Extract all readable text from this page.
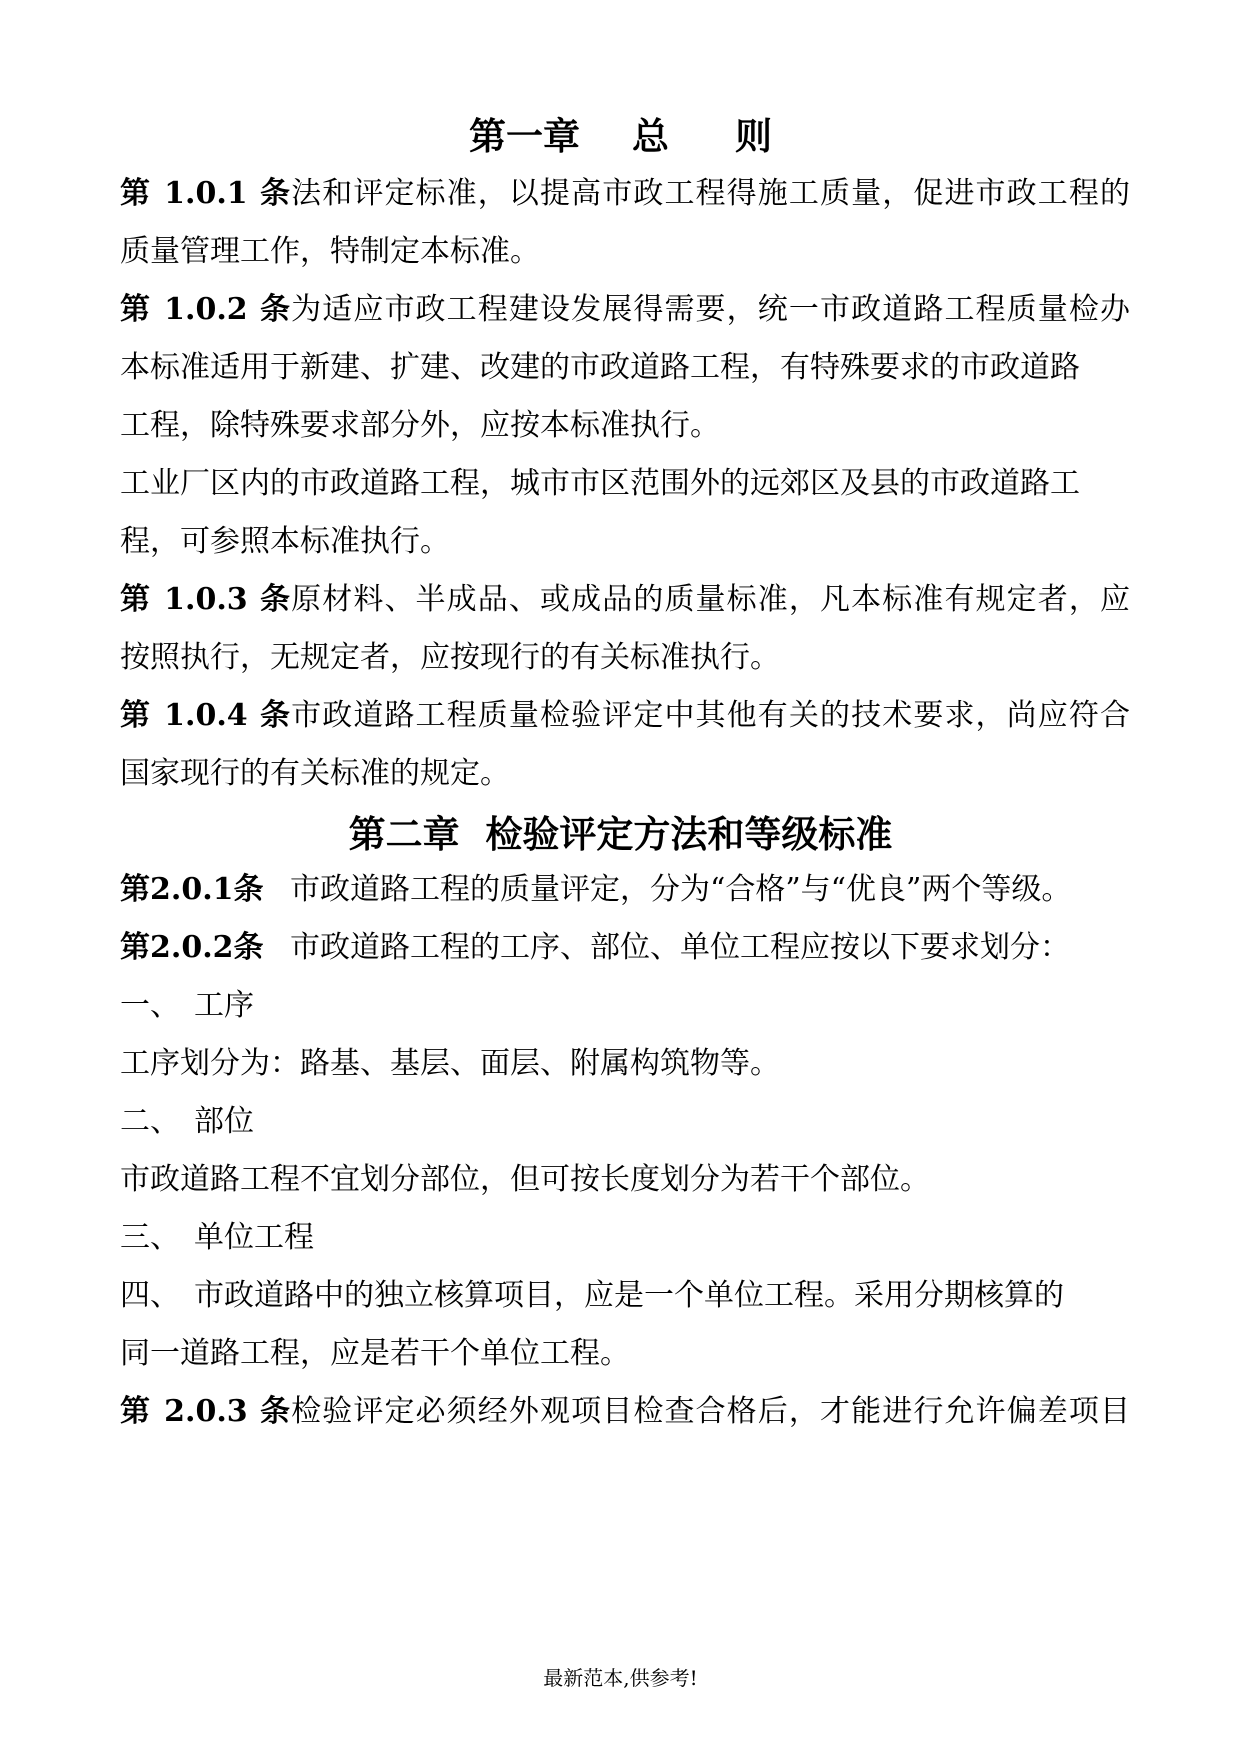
第一章 总 则
第 1.0.1 条法和评定标准，以提高市政工程得施工质量，促进市政工程的
质量管理工作，特制定本标准。
第 1.0.2 条为适应市政工程建设发展得需要，统一市政道路工程质量检办
本标准适用于新建、扩建、改建的市政道路工程，有特殊要求的市政道路
工程，除特殊要求部分外，应按本标准执行。
工业厂区内的市政道路工程，城市市区范围外的远郊区及县的市政道路工
程，可参照本标准执行。
第 1.0.3 条原材料、半成品、或成品的质量标准，凡本标准有规定者，应
按照执行，无规定者，应按现行的有关标准执行。
第 1.0.4 条市政道路工程质量检验评定中其他有关的技术要求，尚应符合
国家现行的有关标准的规定。
第二章  检验评定方法和等级标准
第2.0.1条 市政道路工程的质量评定，分为“合格”与“优良”两个等级。
第2.0.2条 市政道路工程的工序、部位、单位工程应按以下要求划分：
一、 工序
工序划分为：路基、基层、面层、附属构筑物等。
二、 部位
市政道路工程不宜划分部位，但可按长度划分为若干个部位。
三、 单位工程
四、 市政道路中的独立核算项目，应是一个单位工程。采用分期核算的
同一道路工程，应是若干个单位工程。
第 2.0.3 条检验评定必须经外观项目检查合格后，才能进行允许偏差项目
最新范本,供参考!
